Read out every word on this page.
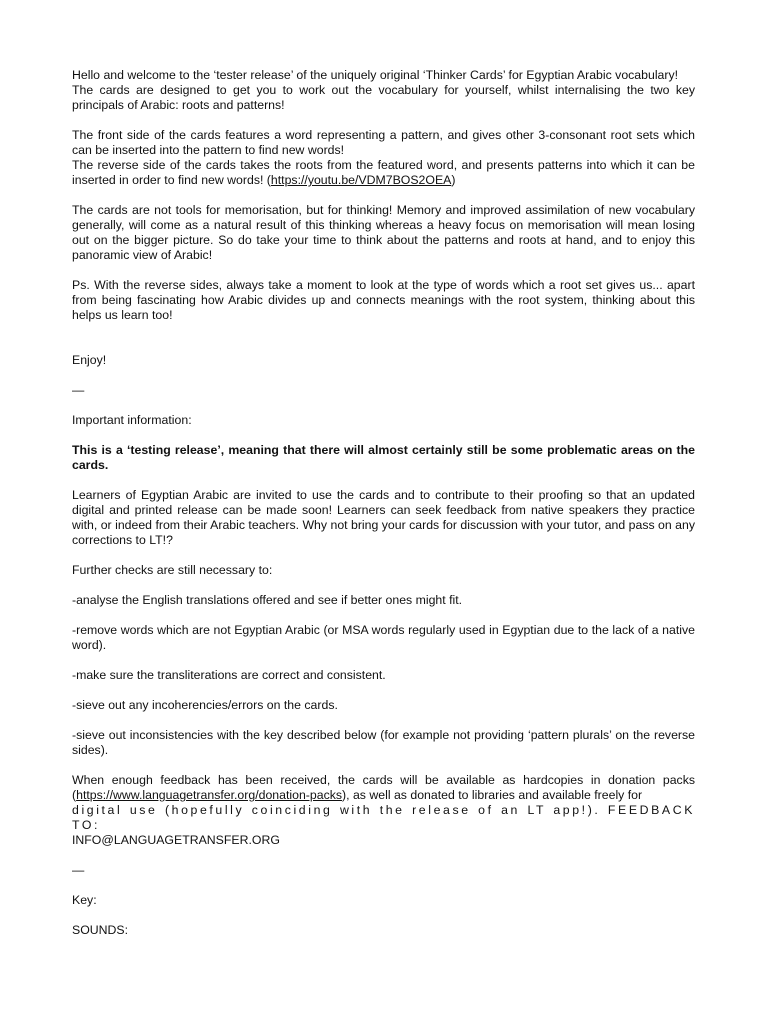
Hello and welcome to the ‘tester release’ of the uniquely original ‘Thinker Cards’ for Egyptian Arabic vocabulary!

The cards are designed to get you to work out the vocabulary for yourself, whilst internalising the two key principals of Arabic: roots and patterns!

The front side of the cards features a word representing a pattern, and gives other 3-consonant root sets which can be inserted into the pattern to find new words!

The reverse side of the cards takes the roots from the featured word, and presents patterns into which it can be inserted in order to find new words! (https://youtu.be/VDM7BOS2OEA)

The cards are not tools for memorisation, but for thinking! Memory and improved assimilation of new vocabulary generally, will come as a natural result of this thinking whereas a heavy focus on memorisation will mean losing out on the bigger picture. So do take your time to think about the patterns and roots at hand, and to enjoy this panoramic view of Arabic!

Ps. With the reverse sides, always take a moment to look at the type of words which a root set gives us... apart from being fascinating how Arabic divides up and connects meanings with the root system, thinking about this helps us learn too!

Enjoy!

—

Important information:

This is a ‘testing release’, meaning that there will almost certainly still be some problematic areas on the cards.

Learners of Egyptian Arabic are invited to use the cards and to contribute to their proofing so that an updated digital and printed release can be made soon! Learners can seek feedback from native speakers they practice with, or indeed from their Arabic teachers. Why not bring your cards for discussion with your tutor, and pass on any corrections to LT!?

Further checks are still necessary to:

-analyse the English translations offered and see if better ones might fit.

-remove words which are not Egyptian Arabic (or MSA words regularly used in Egyptian due to the lack of a native word).

-make sure the transliterations are correct and consistent.

-sieve out any incoherencies/errors on the cards.

-sieve out inconsistencies with the key described below (for example not providing ‘pattern plurals’ on the reverse sides).

When enough feedback has been received, the cards will be available as hardcopies in donation packs (https://www.languagetransfer.org/donation-packs), as well as donated to libraries and available freely for

digital use (hopefully coinciding with the release of an LT app!). FEEDBACK TO:

INFO@LANGUAGETRANSFER.ORG

—

Key:

SOUNDS:
